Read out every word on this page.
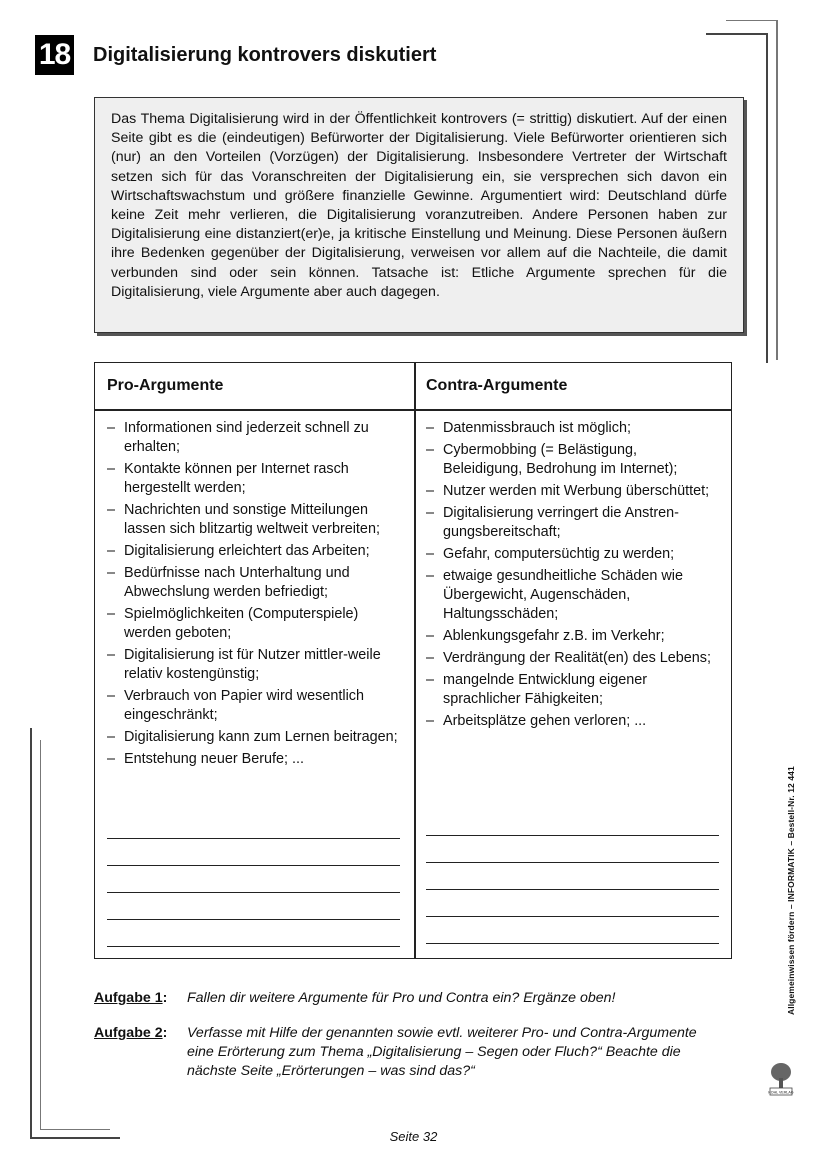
18 Digitalisierung kontrovers diskutiert
Das Thema Digitalisierung wird in der Öffentlichkeit kontrovers (= strittig) diskutiert. Auf der einen Seite gibt es die (eindeutigen) Befürworter der Digitalisierung. Viele Befürworter orientieren sich (nur) an den Vorteilen (Vorzügen) der Digitalisierung. Insbesondere Vertreter der Wirtschaft setzen sich für das Voranschreiten der Digitalisierung ein, sie versprechen sich davon ein Wirtschaftswachstum und größere finanzielle Gewinne. Argumentiert wird: Deutschland dürfe keine Zeit mehr verlieren, die Digitalisierung voranzutreiben. Andere Personen haben zur Digitalisierung eine distanziert(er)e, ja kritische Einstellung und Meinung. Diese Personen äußern ihre Bedenken gegenüber der Digitalisierung, verweisen vor allem auf die Nachteile, die damit verbunden sind oder sein können. Tatsache ist: Etliche Argumente sprechen für die Digitalisierung, viele Argumente aber auch dagegen.
Pro-Argumente	Contra-Argumente
– Informationen sind jederzeit schnell zu erhalten;
– Kontakte können per Internet rasch hergestellt werden;
– Nachrichten und sonstige Mitteilungen lassen sich blitzartig weltweit verbreiten;
– Digitalisierung erleichtert das Arbeiten;
– Bedürfnisse nach Unterhaltung und Abwechslung werden befriedigt;
– Spielmöglichkeiten (Computerspiele) werden geboten;
– Digitalisierung ist für Nutzer mittler-weile relativ kostengünstig;
– Verbrauch von Papier wird wesentlich eingeschränkt;
– Digitalisierung kann zum Lernen beitragen;
– Entstehung neuer Berufe; ...
– Datenmissbrauch ist möglich;
– Cybermobbing (= Belästigung, Beleidigung, Bedrohung im Internet);
– Nutzer werden mit Werbung überschüttet;
– Digitalisierung verringert die Anstren-gungsbereitschaft;
– Gefahr, computersüchtig zu werden;
– etwaige gesundheitliche Schäden wie Übergewicht, Augenschäden, Haltungsschäden;
– Ablenkungsgefahr z.B. im Verkehr;
– Verdrängung der Realität(en) des Lebens;
– mangelnde Entwicklung eigener sprachlicher Fähigkeiten;
– Arbeitsplätze gehen verloren; ...
Aufgabe 1: Fallen dir weitere Argumente für Pro und Contra ein? Ergänze oben!
Aufgabe 2: Verfasse mit Hilfe der genannten sowie evtl. weiterer Pro- und Contra-Argumente eine Erörterung zum Thema „Digitalisierung – Segen oder Fluch?“ Beachte die nächste Seite „Erörterungen – was sind das?“
Allgemeinwissen fördern – INFORMATIK – Bestell-Nr. 12 441
KOHL VERLAG
Seite 32
